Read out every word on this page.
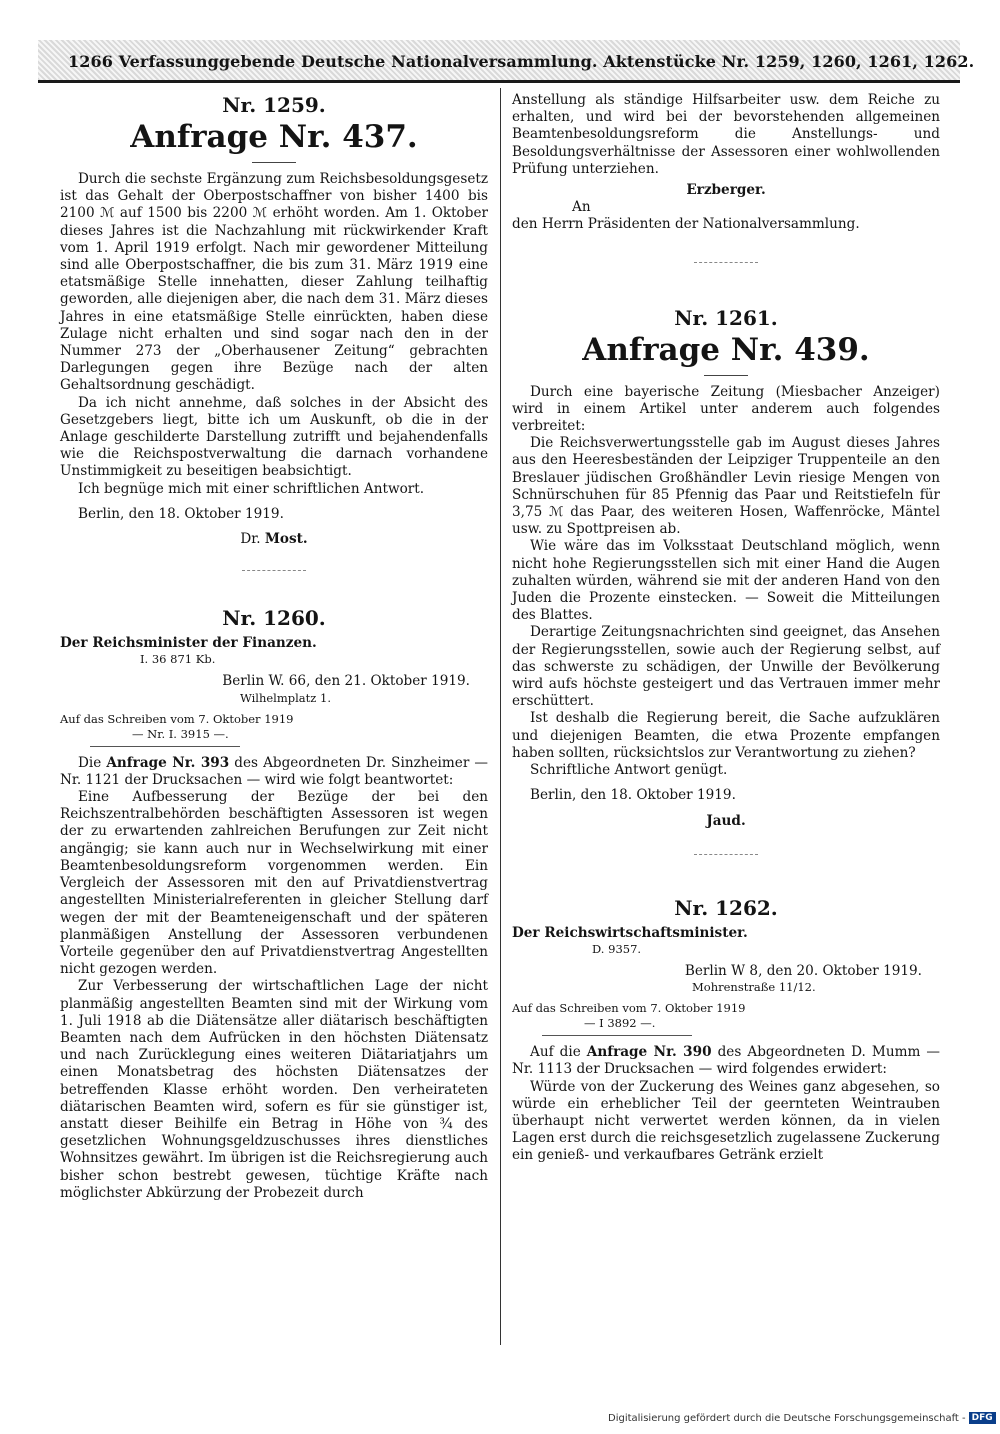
1266 Verfassunggebende Deutsche Nationalversammlung. Aktenstücke Nr. 1259, 1260, 1261, 1262.
Nr. 1259.
Anfrage Nr. 437.

Durch die sechste Ergänzung zum Reichsbesoldungsgesetz ist das Gehalt der Oberpostschaffner von bisher 1400 bis 2100 ℳ auf 1500 bis 2200 ℳ erhöht worden. Am 1. Oktober dieses Jahres ist die Nachzahlung mit rückwirkender Kraft vom 1. April 1919 erfolgt. Nach mir gewordener Mitteilung sind alle Oberpostschaffner, die bis zum 31. März 1919 eine etatsmäßige Stelle innehatten, dieser Zahlung teilhaftig geworden, alle diejenigen aber, die nach dem 31. März dieses Jahres in eine etatsmäßige Stelle einrückten, haben diese Zulage nicht erhalten und sind sogar nach den in der Nummer 273 der „Oberhausener Zeitung“ gebrachten Darlegungen gegen ihre Bezüge nach der alten Gehaltsordnung geschädigt.

Da ich nicht annehme, daß solches in der Absicht des Gesetzgebers liegt, bitte ich um Auskunft, ob die in der Anlage geschilderte Darstellung zutrifft und bejahendenfalls wie die Reichspostverwaltung die darnach vorhandene Unstimmigkeit zu beseitigen beabsichtigt.

Ich begnüge mich mit einer schriftlichen Antwort.

Berlin, den 18. Oktober 1919.

Dr. Most.

Nr. 1260.

Der Reichsminister der Finanzen.

I. 36 871 Kb.

Berlin W. 66, den 21. Oktober 1919.

Wilhelmplatz 1.

Auf das Schreiben vom 7. Oktober 1919

— Nr. I. 3915 —.

Die Anfrage Nr. 393 des Abgeordneten Dr. Sinzheimer — Nr. 1121 der Drucksachen — wird wie folgt beantwortet:

Eine Aufbesserung der Bezüge der bei den Reichszentralbehörden beschäftigten Assessoren ist wegen der zu erwartenden zahlreichen Berufungen zur Zeit nicht angängig; sie kann auch nur in Wechselwirkung mit einer Beamtenbesoldungsreform vorgenommen werden. Ein Vergleich der Assessoren mit den auf Privatdienstvertrag angestellten Ministerialreferenten in gleicher Stellung darf wegen der mit der Beamteneigenschaft und der späteren planmäßigen Anstellung der Assessoren verbundenen Vorteile gegenüber den auf Privatdienstvertrag Angestellten nicht gezogen werden.

Zur Verbesserung der wirtschaftlichen Lage der nicht planmäßig angestellten Beamten sind mit der Wirkung vom 1. Juli 1918 ab die Diätensätze aller diätarisch beschäftigten Beamten nach dem Aufrücken in den höchsten Diätensatz und nach Zurücklegung eines weiteren Diätariatjahrs um einen Monatsbetrag des höchsten Diätensatzes der betreffenden Klasse erhöht worden. Den verheirateten diätarischen Beamten wird, sofern es für sie günstiger ist, anstatt dieser Beihilfe ein Betrag in Höhe von ¾ des gesetzlichen Wohnungsgeldzuschusses ihres dienstliches Wohnsitzes gewährt. Im übrigen ist die Reichsregierung auch bisher schon bestrebt gewesen, tüchtige Kräfte nach möglichster Abkürzung der Probezeit durch

Anstellung als ständige Hilfsarbeiter usw. dem Reiche zu erhalten, und wird bei der bevorstehenden allgemeinen Beamtenbesoldungsreform die Anstellungs- und Besoldungsverhältnisse der Assessoren einer wohlwollenden Prüfung unterziehen.

Erzberger.

An

den Herrn Präsidenten der Nationalversammlung.

Nr. 1261.
Anfrage Nr. 439.

Durch eine bayerische Zeitung (Miesbacher Anzeiger) wird in einem Artikel unter anderem auch folgendes verbreitet:

Die Reichsverwertungsstelle gab im August dieses Jahres aus den Heeresbeständen der Leipziger Truppenteile an den Breslauer jüdischen Großhändler Levin riesige Mengen von Schnürschuhen für 85 Pfennig das Paar und Reitstiefeln für 3,75 ℳ das Paar, des weiteren Hosen, Waffenröcke, Mäntel usw. zu Spottpreisen ab.

Wie wäre das im Volksstaat Deutschland möglich, wenn nicht hohe Regierungsstellen sich mit einer Hand die Augen zuhalten würden, während sie mit der anderen Hand von den Juden die Prozente einstecken. — Soweit die Mitteilungen des Blattes.

Derartige Zeitungsnachrichten sind geeignet, das Ansehen der Regierungsstellen, sowie auch der Regierung selbst, auf das schwerste zu schädigen, der Unwille der Bevölkerung wird aufs höchste gesteigert und das Vertrauen immer mehr erschüttert.

Ist deshalb die Regierung bereit, die Sache aufzuklären und diejenigen Beamten, die etwa Prozente empfangen haben sollten, rücksichtslos zur Verantwortung zu ziehen?

Schriftliche Antwort genügt.

Berlin, den 18. Oktober 1919.

Jaud.

Nr. 1262.

Der Reichswirtschaftsminister.

D. 9357.

Berlin W 8, den 20. Oktober 1919.

Mohrenstraße 11/12.

Auf das Schreiben vom 7. Oktober 1919

— I 3892 —.

Auf die Anfrage Nr. 390 des Abgeordneten D. Mumm — Nr. 1113 der Drucksachen — wird folgendes erwidert:

Würde von der Zuckerung des Weines ganz abgesehen, so würde ein erheblicher Teil der geernteten Weintrauben überhaupt nicht verwertet werden können, da in vielen Lagen erst durch die reichsgesetzlich zugelassene Zuckerung ein genieß- und verkaufbares Getränk erzielt

Digitalisierung gefördert durch die Deutsche Forschungsgemeinschaft - DFG
